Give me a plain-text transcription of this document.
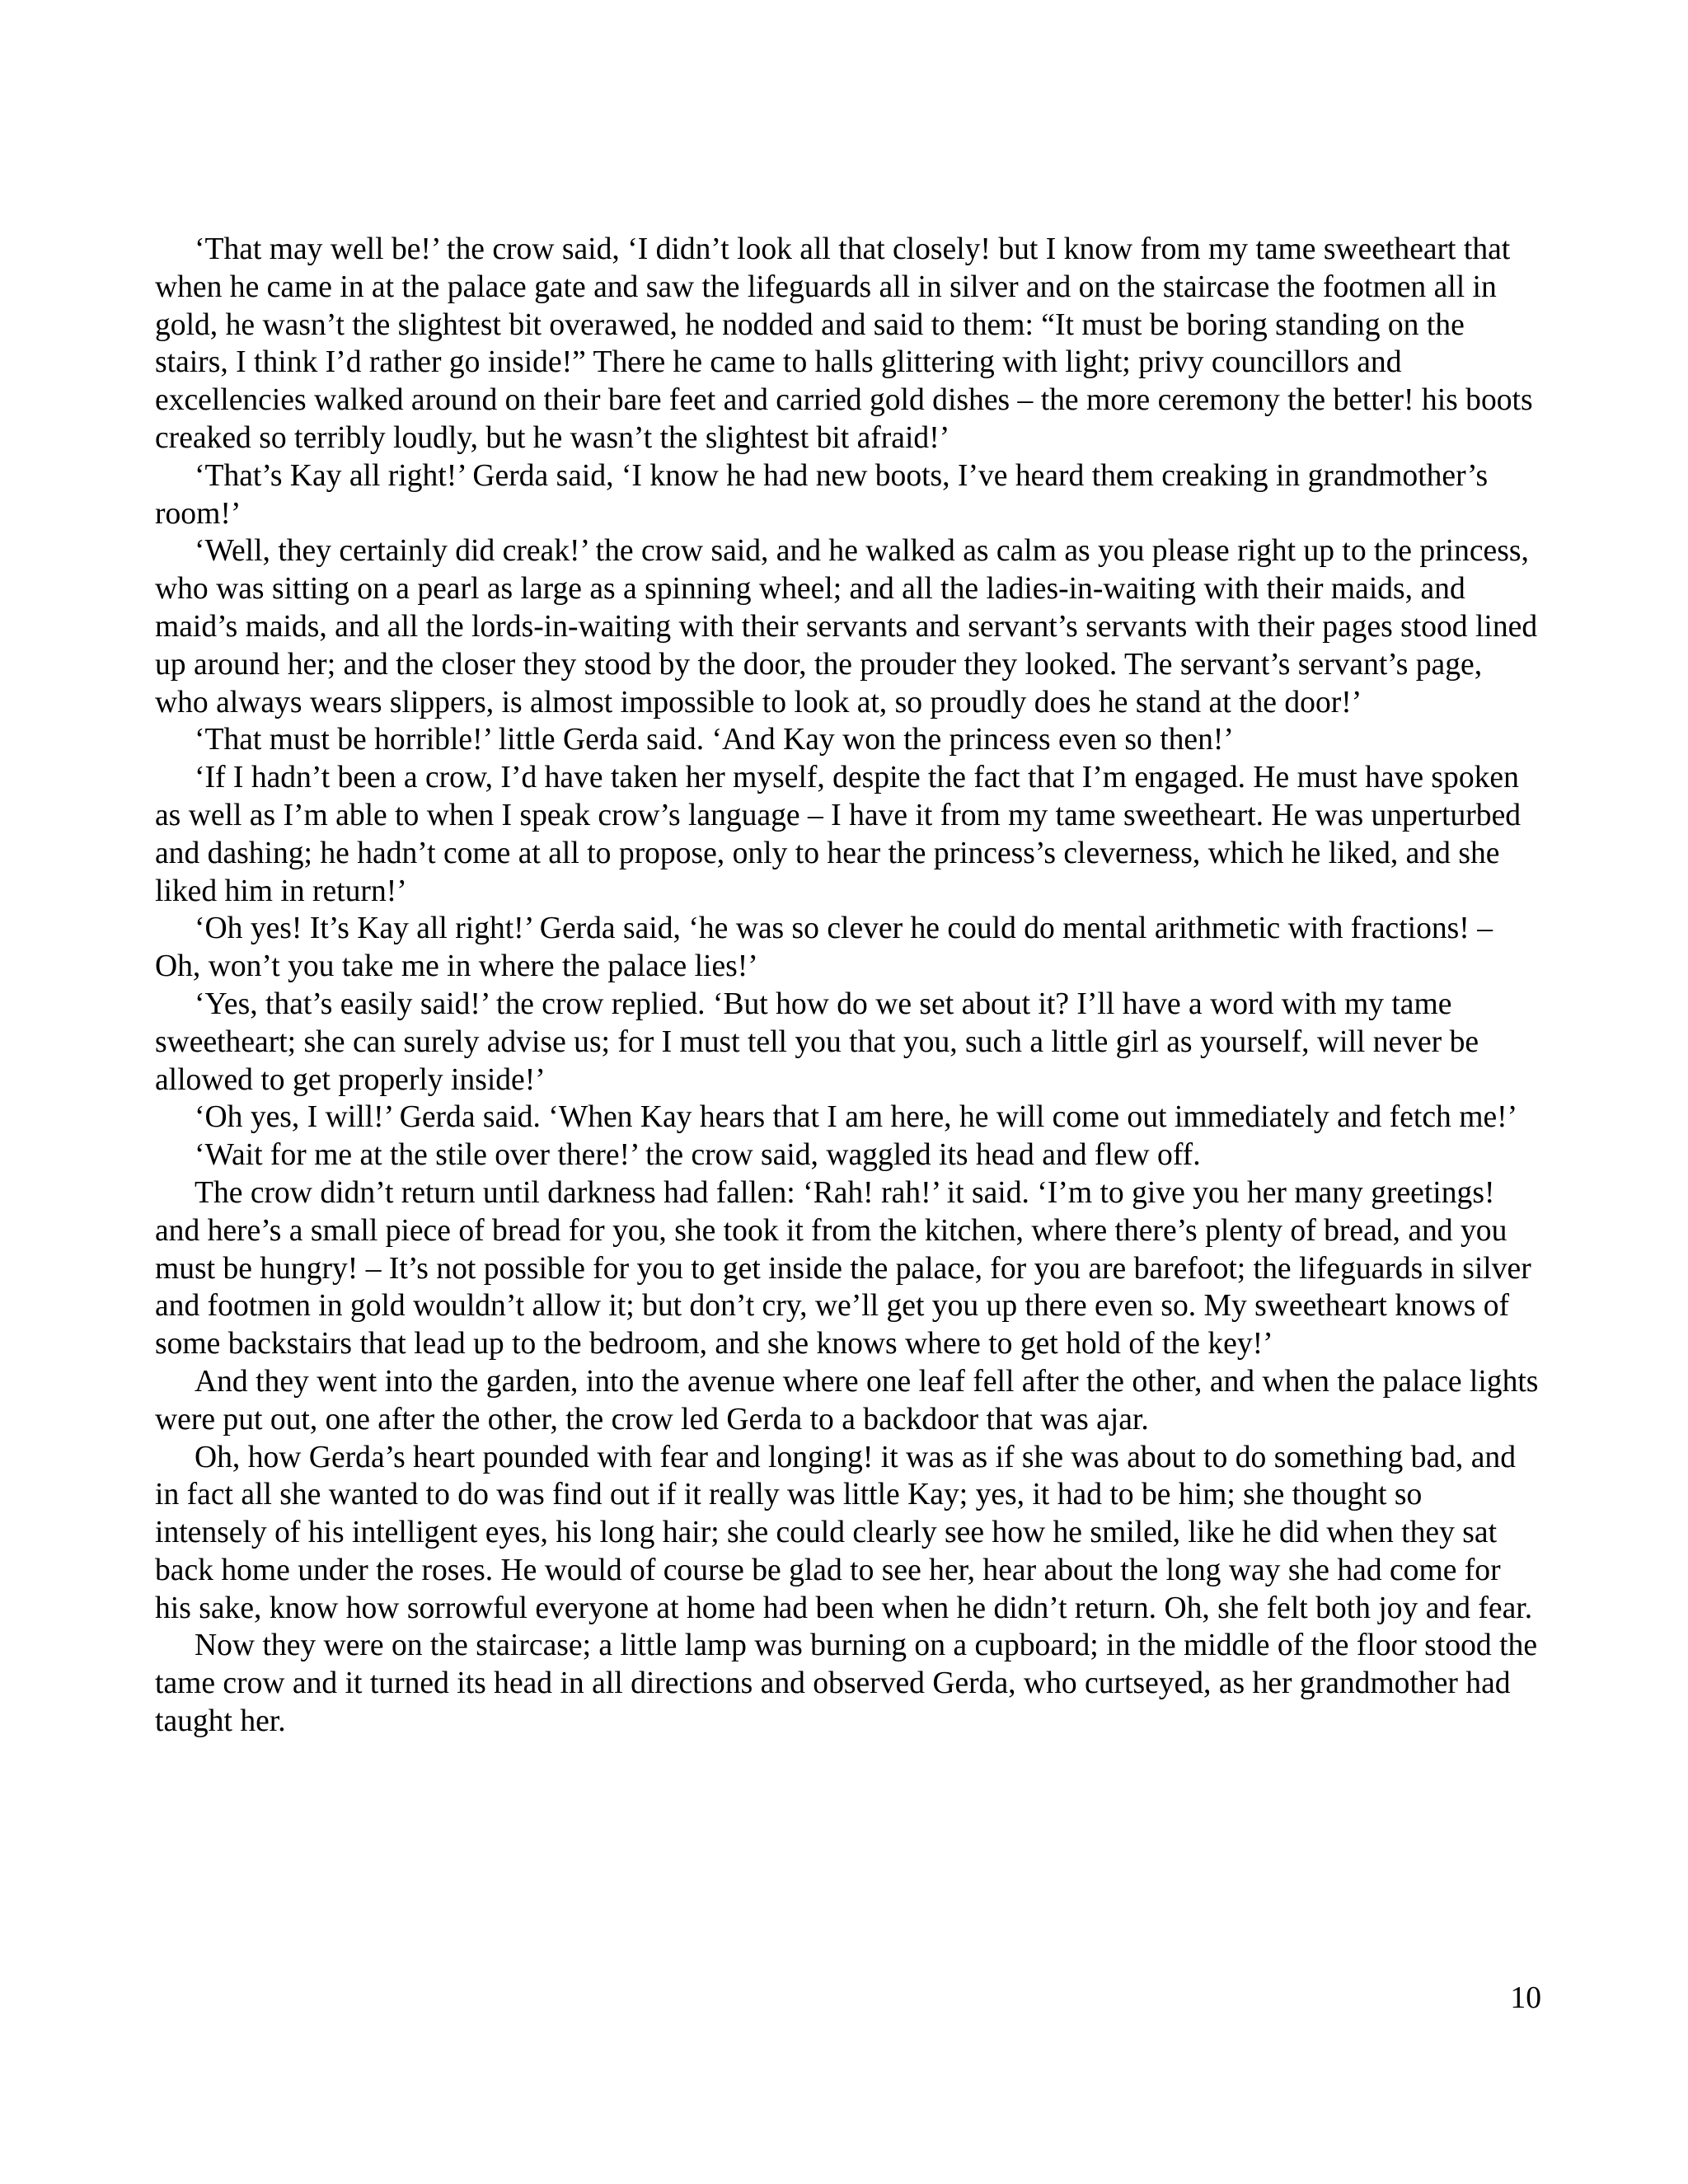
‘That may well be!’ the crow said, ‘I didn’t look all that closely! but I know from my tame sweetheart that when he came in at the palace gate and saw the lifeguards all in silver and on the staircase the footmen all in gold, he wasn’t the slightest bit overawed, he nodded and said to them: “It must be boring standing on the stairs, I think I’d rather go inside!” There he came to halls glittering with light; privy councillors and excellencies walked around on their bare feet and carried gold dishes – the more ceremony the better! his boots creaked so terribly loudly, but he wasn’t the slightest bit afraid!’

‘That’s Kay all right!’ Gerda said, ‘I know he had new boots, I’ve heard them creaking in grandmother’s room!’

‘Well, they certainly did creak!’ the crow said, and he walked as calm as you please right up to the princess, who was sitting on a pearl as large as a spinning wheel; and all the ladies-in-waiting with their maids, and maid’s maids, and all the lords-in-waiting with their servants and servant’s servants with their pages stood lined up around her; and the closer they stood by the door, the prouder they looked. The servant’s servant’s page, who always wears slippers, is almost impossible to look at, so proudly does he stand at the door!’

‘That must be horrible!’ little Gerda said. ‘And Kay won the princess even so then!’

‘If I hadn’t been a crow, I’d have taken her myself, despite the fact that I’m engaged. He must have spoken as well as I’m able to when I speak crow’s language – I have it from my tame sweetheart. He was unperturbed and dashing; he hadn’t come at all to propose, only to hear the princess’s cleverness, which he liked, and she liked him in return!’

‘Oh yes! It’s Kay all right!’ Gerda said, ‘he was so clever he could do mental arithmetic with fractions! – Oh, won’t you take me in where the palace lies!’

‘Yes, that’s easily said!’ the crow replied. ‘But how do we set about it? I’ll have a word with my tame sweetheart; she can surely advise us; for I must tell you that you, such a little girl as yourself, will never be allowed to get properly inside!’

‘Oh yes, I will!’ Gerda said. ‘When Kay hears that I am here, he will come out immediately and fetch me!’

‘Wait for me at the stile over there!’ the crow said, waggled its head and flew off.

The crow didn’t return until darkness had fallen: ‘Rah! rah!’ it said. ‘I’m to give you her many greetings! and here’s a small piece of bread for you, she took it from the kitchen, where there’s plenty of bread, and you must be hungry! – It’s not possible for you to get inside the palace, for you are barefoot; the lifeguards in silver and footmen in gold wouldn’t allow it; but don’t cry, we’ll get you up there even so. My sweetheart knows of some backstairs that lead up to the bedroom, and she knows where to get hold of the key!’

And they went into the garden, into the avenue where one leaf fell after the other, and when the palace lights were put out, one after the other, the crow led Gerda to a backdoor that was ajar.

Oh, how Gerda’s heart pounded with fear and longing! it was as if she was about to do something bad, and in fact all she wanted to do was find out if it really was little Kay; yes, it had to be him; she thought so intensely of his intelligent eyes, his long hair; she could clearly see how he smiled, like he did when they sat back home under the roses. He would of course be glad to see her, hear about the long way she had come for his sake, know how sorrowful everyone at home had been when he didn’t return. Oh, she felt both joy and fear.

Now they were on the staircase; a little lamp was burning on a cupboard; in the middle of the floor stood the tame crow and it turned its head in all directions and observed Gerda, who curtseyed, as her grandmother had taught her.

10
